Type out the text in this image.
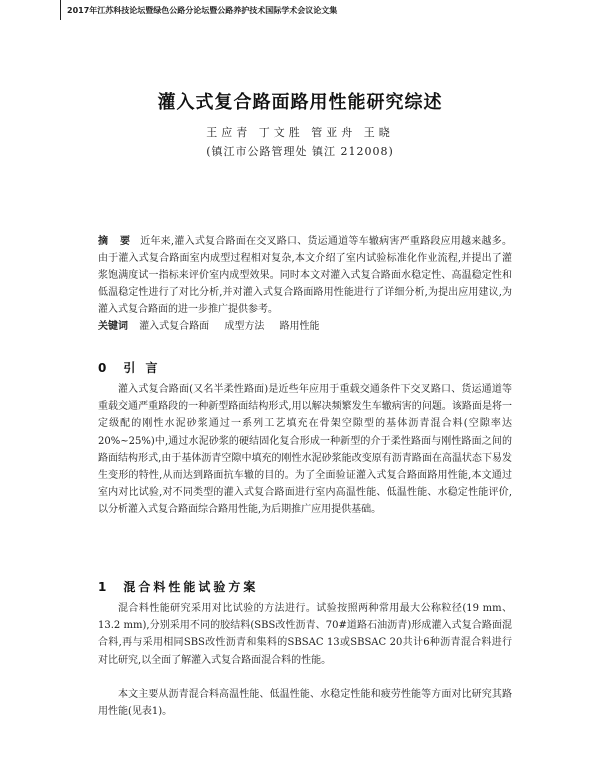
2017年江苏科技论坛暨绿色公路分论坛暨公路养护技术国际学术会议论文集
灌入式复合路面路用性能研究综述
王应青 丁文胜 管亚舟 王晓
(镇江市公路管理处 镇江 212008)
摘 要 近年来,灌入式复合路面在交叉路口、货运通道等车辙病害严重路段应用越来越多。由于灌入式复合路面室内成型过程相对复杂,本文介绍了室内试验标准化作业流程,并提出了灌浆饱满度试一指标来评价室内成型效果。同时本文对灌入式复合路面水稳定性、高温稳定性和低温稳定性进行了对比分析,并对灌入式复合路面路用性能进行了详细分析,为提出应用建议,为灌入式复合路面的进一步推广提供参考。
关键词 灌入式复合路面 成型方法 路用性能
0 引 言
灌入式复合路面(又名半柔性路面)是近些年应用于重载交通条件下交叉路口、货运通道等重载交通严重路段的一种新型路面结构形式,用以解决频繁发生车辙病害的问题。该路面是将一定级配的刚性水泥砂浆通过一系列工艺填充在骨架空隙型的基体沥青混合料(空隙率达20%~25%)中,通过水泥砂浆的硬结固化复合形成一种新型的介于柔性路面与刚性路面之间的路面结构形式,由于基体沥青空隙中填充的刚性水泥砂浆能改变原有沥青路面在高温状态下易发生变形的特性,从而达到路面抗车辙的目的。为了全面验证灌入式复合路面路用性能,本文通过室内对比试验,对不同类型的灌入式复合路面进行室内高温性能、低温性能、水稳定性能评价,以分析灌入式复合路面综合路用性能,为后期推广应用提供基础。
1 混合料性能试验方案
混合料性能研究采用对比试验的方法进行。试验按照两种常用最大公称粒径(19 mm、13.2 mm),分别采用不同的胶结料(SBS改性沥青、70#道路石油沥青)形成灌入式复合路面混合料,再与采用相同SBS改性沥青和集料的SBSAC 13或SBSAC 20共计6种沥青混合料进行对比研究,以全面了解灌入式复合路面混合料的性能。
本文主要从沥青混合料高温性能、低温性能、水稳定性能和疲劳性能等方面对比研究其路用性能(见表1)。
